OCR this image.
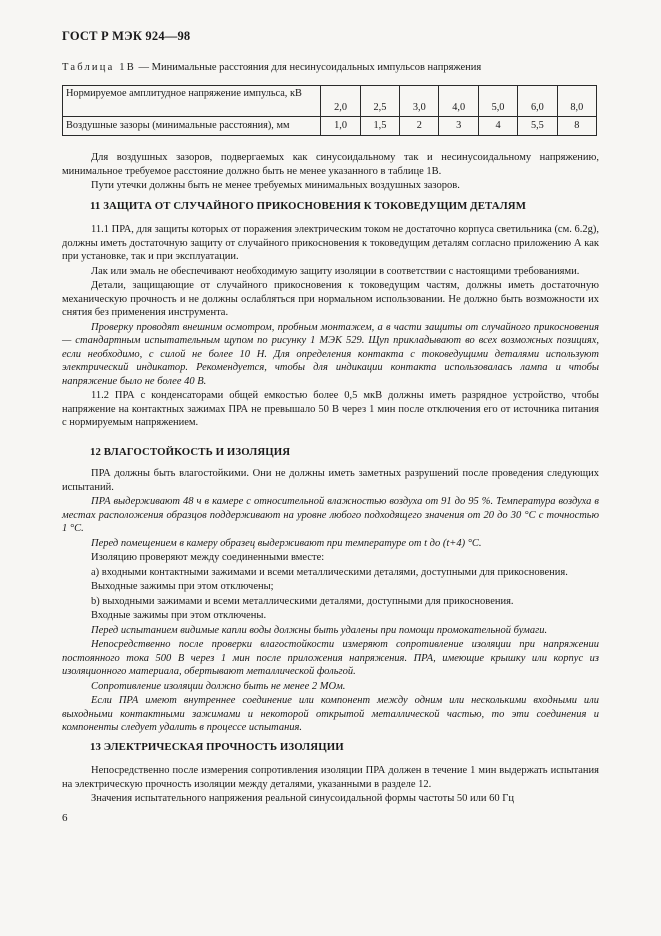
ГОСТ Р МЭК 924—98
Таблица 1В — Минимальные расстояния для несинусоидальных импульсов напряжения
Нормируемое амплитудное напряжение импульса, кВ	2,0	2,5	3,0	4,0	5,0	6,0	8,0
Воздушные зазоры (минимальные расстояния), мм	1,0	1,5	2	3	4	5,5	8

Для воздушных зазоров, подвергаемых как синусоидальному так и несинусоидальному напряжению, минимальное требуемое расстояние должно быть не менее указанного в таблице 1В.

Пути утечки должны быть не менее требуемых минимальных воздушных зазоров.

11 ЗАЩИТА ОТ СЛУЧАЙНОГО ПРИКОСНОВЕНИЯ К ТОКОВЕДУЩИМ ДЕТАЛЯМ

11.1 ПРА, для защиты которых от поражения электрическим током не достаточно корпуса светильника (см. 6.2g), должны иметь достаточную защиту от случайного прикосновения к токоведущим деталям согласно приложению А как при установке, так и при эксплуатации.

Лак или эмаль не обеспечивают необходимую защиту изоляции в соответствии с настоящими требованиями.

Детали, защищающие от случайного прикосновения к токоведущим частям, должны иметь достаточную механическую прочность и не должны ослабляться при нормальном использовании. Не должно быть возможности их снятия без применения инструмента.

Проверку проводят внешним осмотром, пробным монтажем, а в части защиты от случайного прикосновения — стандартным испытательным щупом по рисунку 1 МЭК 529. Щуп прикладывают во всех возможных позициях, если необходимо, с силой не более 10 Н. Для определения контакта с токоведущими деталями используют электрический индикатор. Рекомендуется, чтобы для индикации контакта использовалась лампа и чтобы напряжение было не более 40 В.

11.2 ПРА с конденсаторами общей емкостью более 0,5 мкВ должны иметь разрядное устройство, чтобы напряжение на контактных зажимах ПРА не превышало 50 В через 1 мин после отключения его от источника питания с нормируемым напряжением.

12 ВЛАГОСТОЙКОСТЬ И ИЗОЛЯЦИЯ

ПРА должны быть влагостойкими. Они не должны иметь заметных разрушений после проведения следующих испытаний.

ПРА выдерживают 48 ч в камере с относительной влажностью воздуха от 91 до 95 %. Температура воздуха в местах расположения образцов поддерживают на уровне любого подходящего значения от 20 до 30 °С с точностью 1 °С.

Перед помещением в камеру образец выдерживают при температуре от t до (t+4) °С.

Изоляцию проверяют между соединенными вместе:

а) входными контактными зажимами и всеми металлическими деталями, доступными для прикосновения.

Выходные зажимы при этом отключены;

b) выходными зажимами и всеми металлическими деталями, доступными для прикосновения.

Входные зажимы при этом отключены.

Перед испытанием видимые капли воды должны быть удалены при помощи промокательной бумаги.

Непосредственно после проверки влагостойкости измеряют сопротивление изоляции при напряжении постоянного тока 500 В через 1 мин после приложения напряжения. ПРА, имеющие крышку или корпус из изоляционного материала, обертывают металлической фольгой.

Сопротивление изоляции должно быть не менее 2 МОм.

Если ПРА имеют внутреннее соединение или компонент между одним или несколькими входными или выходными контактными зажимами и некоторой открытой металлической частью, то эти соединения и компоненты следует удалить в процессе испытания.

13 ЭЛЕКТРИЧЕСКАЯ ПРОЧНОСТЬ ИЗОЛЯЦИИ

Непосредственно после измерения сопротивления изоляции ПРА должен в течение 1 мин выдержать испытания на электрическую прочность изоляции между деталями, указанными в разделе 12.

Значения испытательного напряжения реальной синусоидальной формы частоты 50 или 60 Гц

6
